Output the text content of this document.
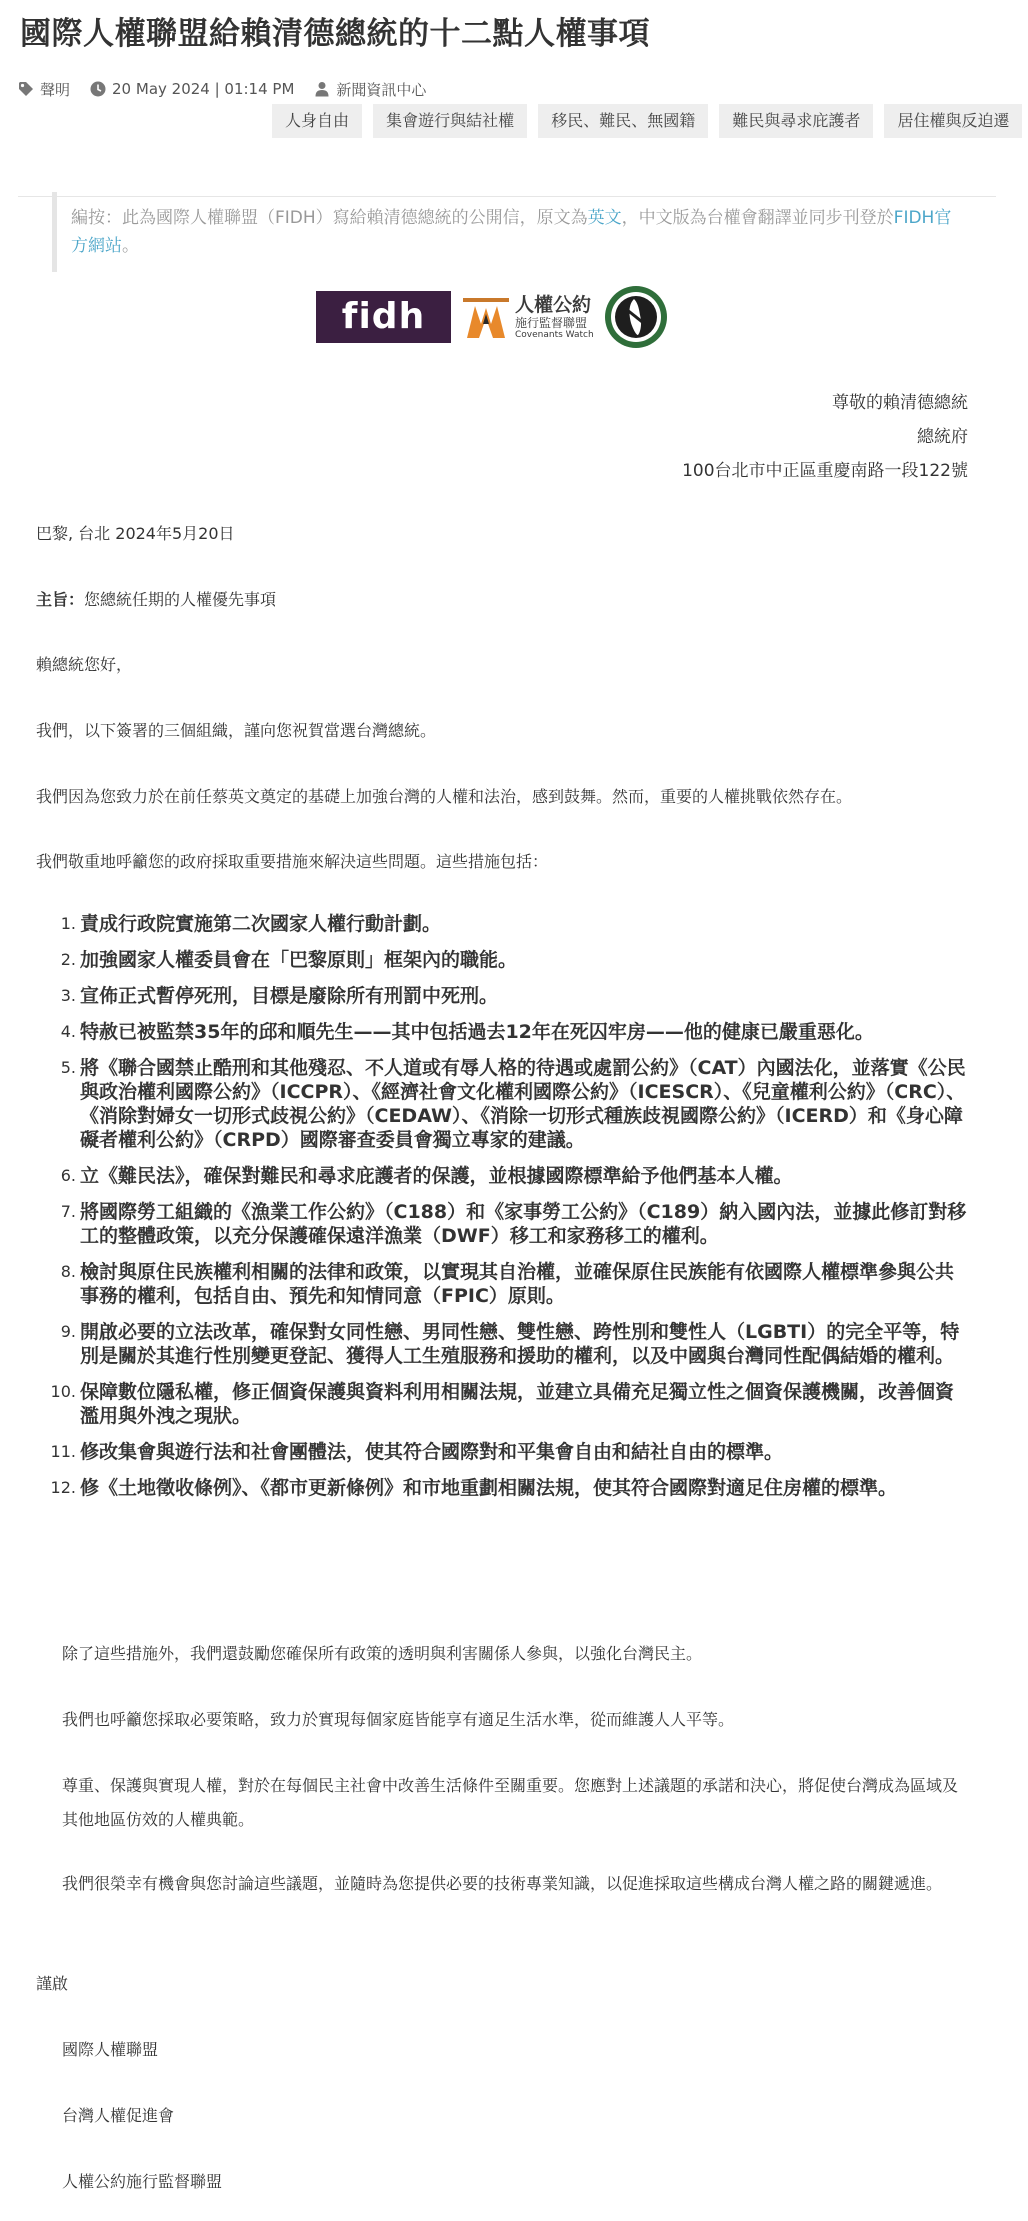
國際人權聯盟給賴清德總統的十二點人權事項
聲明	20 May 2024 | 01:14 PM	新聞資訊中心
人身自由 集會遊行與結社權 移民、難民、無國籍 難民與尋求庇護者 居住權與反迫遷
編按：此為國際人權聯盟（FIDH）寫給賴清德總統的公開信，原文為英文，中文版為台權會翻譯並同步刊登於FIDH官方網站。
fidh	人權公約
施行監督聯盟
Covenants Watch
尊敬的賴清德總統
總統府
100台北市中正區重慶南路一段122號
巴黎, 台北 2024年5月20日
主旨：您總統任期的人權優先事項
賴總統您好，
我們，以下簽署的三個組織，謹向您祝賀當選台灣總統。
我們因為您致力於在前任蔡英文奠定的基礎上加強台灣的人權和法治，感到鼓舞。然而，重要的人權挑戰依然存在。
我們敬重地呼籲您的政府採取重要措施來解決這些問題。這些措施包括：
1. 責成行政院實施第二次國家人權行動計劃。
2. 加強國家人權委員會在「巴黎原則」框架內的職能。
3. 宣佈正式暫停死刑，目標是廢除所有刑罰中死刑。
4. 特赦已被監禁35年的邱和順先生——其中包括過去12年在死囚牢房——他的健康已嚴重惡化。
5. 將《聯合國禁止酷刑和其他殘忍、不人道或有辱人格的待遇或處罰公約》（CAT）內國法化，並落實《公民與政治權利國際公約》（ICCPR）、《經濟社會文化權利國際公約》（ICESCR）、《兒童權利公約》（CRC）、《消除對婦女一切形式歧視公約》（CEDAW）、《消除一切形式種族歧視國際公約》（ICERD）和《身心障礙者權利公約》（CRPD）國際審查委員會獨立專家的建議。
6. 立《難民法》，確保對難民和尋求庇護者的保護，並根據國際標準給予他們基本人權。
7. 將國際勞工組織的《漁業工作公約》（C188）和《家事勞工公約》（C189）納入國內法，並據此修訂對移工的整體政策，以充分保護確保遠洋漁業（DWF）移工和家務移工的權利。
8. 檢討與原住民族權利相關的法律和政策，以實現其自治權，並確保原住民族能有依國際人權標準參與公共事務的權利，包括自由、預先和知情同意（FPIC）原則。
9. 開啟必要的立法改革，確保對女同性戀、男同性戀、雙性戀、跨性別和雙性人（LGBTI）的完全平等，特別是關於其進行性別變更登記、獲得人工生殖服務和援助的權利，以及中國與台灣同性配偶結婚的權利。
10. 保障數位隱私權，修正個資保護與資料利用相關法規，並建立具備充足獨立性之個資保護機關，改善個資濫用與外洩之現狀。
11. 修改集會與遊行法和社會團體法，使其符合國際對和平集會自由和結社自由的標準。
12. 修《土地徵收條例》、《都市更新條例》和市地重劃相關法規，使其符合國際對適足住房權的標準。
除了這些措施外，我們還鼓勵您確保所有政策的透明與利害關係人參與，以強化台灣民主。
我們也呼籲您採取必要策略，致力於實現每個家庭皆能享有適足生活水準，從而維護人人平等。
尊重、保護與實現人權，對於在每個民主社會中改善生活條件至關重要。您應對上述議題的承諾和決心，將促使台灣成為區域及其他地區仿效的人權典範。
我們很榮幸有機會與您討論這些議題，並隨時為您提供必要的技術專業知識，以促進採取這些構成台灣人權之路的關鍵遞進。
謹啟
國際人權聯盟
台灣人權促進會
人權公約施行監督聯盟
